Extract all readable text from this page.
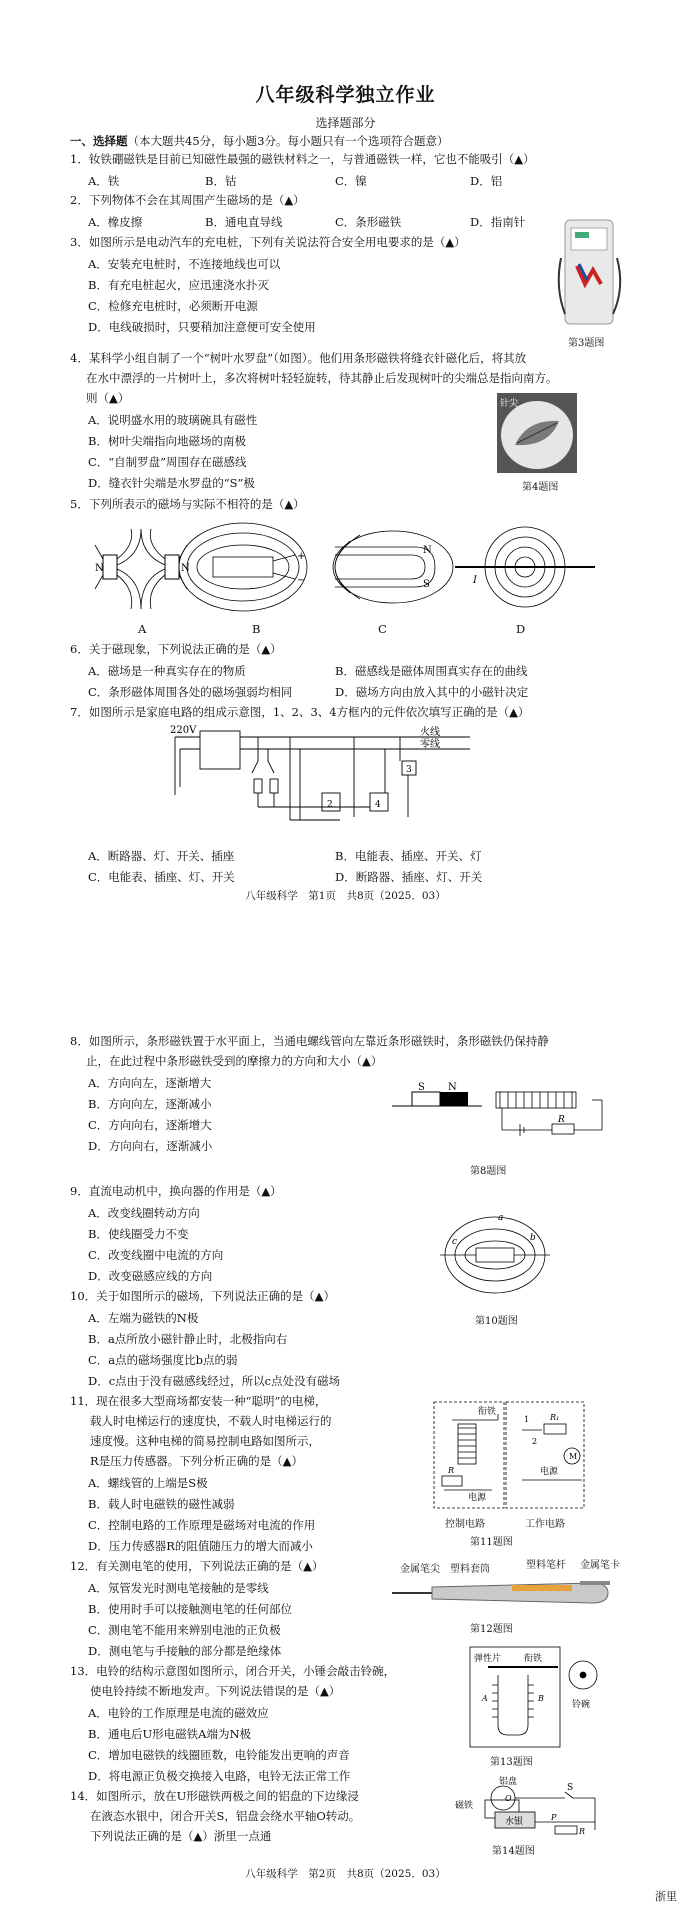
八年级科学独立作业
选择题部分
一、选择题（本大题共45分，每小题3分。每小题只有一个选项符合题意）
1．钕铁硼磁铁是目前已知磁性最强的磁铁材料之一，与普通磁铁一样，它也不能吸引（▲）
A．铁	B．钴	C．镍	D．铝
2．下列物体不会在其周围产生磁场的是（▲）
A．橡皮擦	B．通电直导线	C．条形磁铁	D．指南针
3．如图所示是电动汽车的充电桩，下列有关说法符合安全用电要求的是（▲）
A．安装充电桩时，不连接地线也可以
B．有充电桩起火，应迅速浇水扑灭
C．检修充电桩时，必须断开电源
D．电线破损时，只要稍加注意便可安全使用
第3题图
4．某科学小组自制了一个“树叶水罗盘”（如图）。他们用条形磁铁将缝衣针磁化后，将其放
在水中漂浮的一片树叶上，多次将树叶轻轻旋转，待其静止后发现树叶的尖端总是指向南方。
则（▲）
A．说明盛水用的玻璃碗具有磁性
B．树叶尖端指向地磁场的南极
C．“自制罗盘”周围存在磁感线
D．缝衣针尖端是水罗盘的“S”极
针尖
第4题图
5．下列所表示的磁场与实际不相符的是（▲）
N	N
+
−
N
S	I
A	B	C	D
6．关于磁现象，下列说法正确的是（▲）
A．磁场是一种真实存在的物质	B．磁感线是磁体周围真实存在的曲线
C．条形磁体周围各处的磁场强弱均相同	D．磁场方向由放入其中的小磁针决定
7．如图所示是家庭电路的组成示意图，1、2、3、4方框内的元件依次填写正确的是（▲）
220V	火线
零线
2	4
3
A．断路器、灯、开关、插座	B．电能表、插座、开关、灯
C．电能表、插座、灯、开关	D．断路器、插座、灯、开关
八年级科学　第1页　共8页（2025．03）
8．如图所示，条形磁铁置于水平面上，当通电螺线管向左靠近条形磁铁时，条形磁铁仍保持静
止，在此过程中条形磁铁受到的摩擦力的方向和大小（▲）
A．方向向左，逐渐增大
B．方向向左，逐渐减小
C．方向向右，逐渐增大
D．方向向右，逐渐减小
S N
R
第8题图
9．直流电动机中，换向器的作用是（▲）
A．改变线圈转动方向
B．使线圈受力不变
C．改变线圈中电流的方向
D．改变磁感应线的方向
a
b
c
10．关于如图所示的磁场，下列说法正确的是（▲）
A．左端为磁铁的N极
B．a点所放小磁针静止时，北极指向右
C．a点的磁场强度比b点的弱
D．c点由于没有磁感线经过，所以c点处没有磁场
第10题图
11．现在很多大型商场都安装一种“聪明”的电梯，
载人时电梯运行的速度快，不载人时电梯运行的
速度慢。这种电梯的简易控制电路如图所示，
R是压力传感器。下列分析正确的是（▲）
A．螺线管的上端是S极
B．载人时电磁铁的磁性减弱
C．控制电路的工作原理是磁场对电流的作用
D．压力传感器R的阻值随压力的增大而减小
衔铁
R₁
M
R
电源
电源
1
2
控制电路	工作电路
第11题图
12．有关测电笔的使用，下列说法正确的是（▲）
A．氖管发光时测电笔接触的是零线
B．使用时手可以接触测电笔的任何部位
C．测电笔不能用来辨别电池的正负极
D．测电笔与手接触的部分都是绝缘体
金属笔尖 塑料套筒	塑料笔杆 金属笔卡
第12题图
13．电铃的结构示意图如图所示，闭合开关，小锤会敲击铃碗，
使电铃持续不断地发声。下列说法错误的是（▲）
A．电铃的工作原理是电流的磁效应
B．通电后U形电磁铁A端为N极
C．增加电磁铁的线圈匝数，电铃能发出更响的声音
D．将电源正负极交换接入电路，电铃无法正常工作
弹性片	衔铁
铃碗
A	B
第13题图
14．如图所示，放在U形磁铁两极之间的铝盘的下边缘浸
在液态水银中，闭合开关S，铝盘会绕水平轴O转动。
下列说法正确的是（▲）浙里一点通
铝盘
磁铁
水银
S
O
P
R
第14题图
八年级科学　第2页　共8页（2025．03）
浙里
